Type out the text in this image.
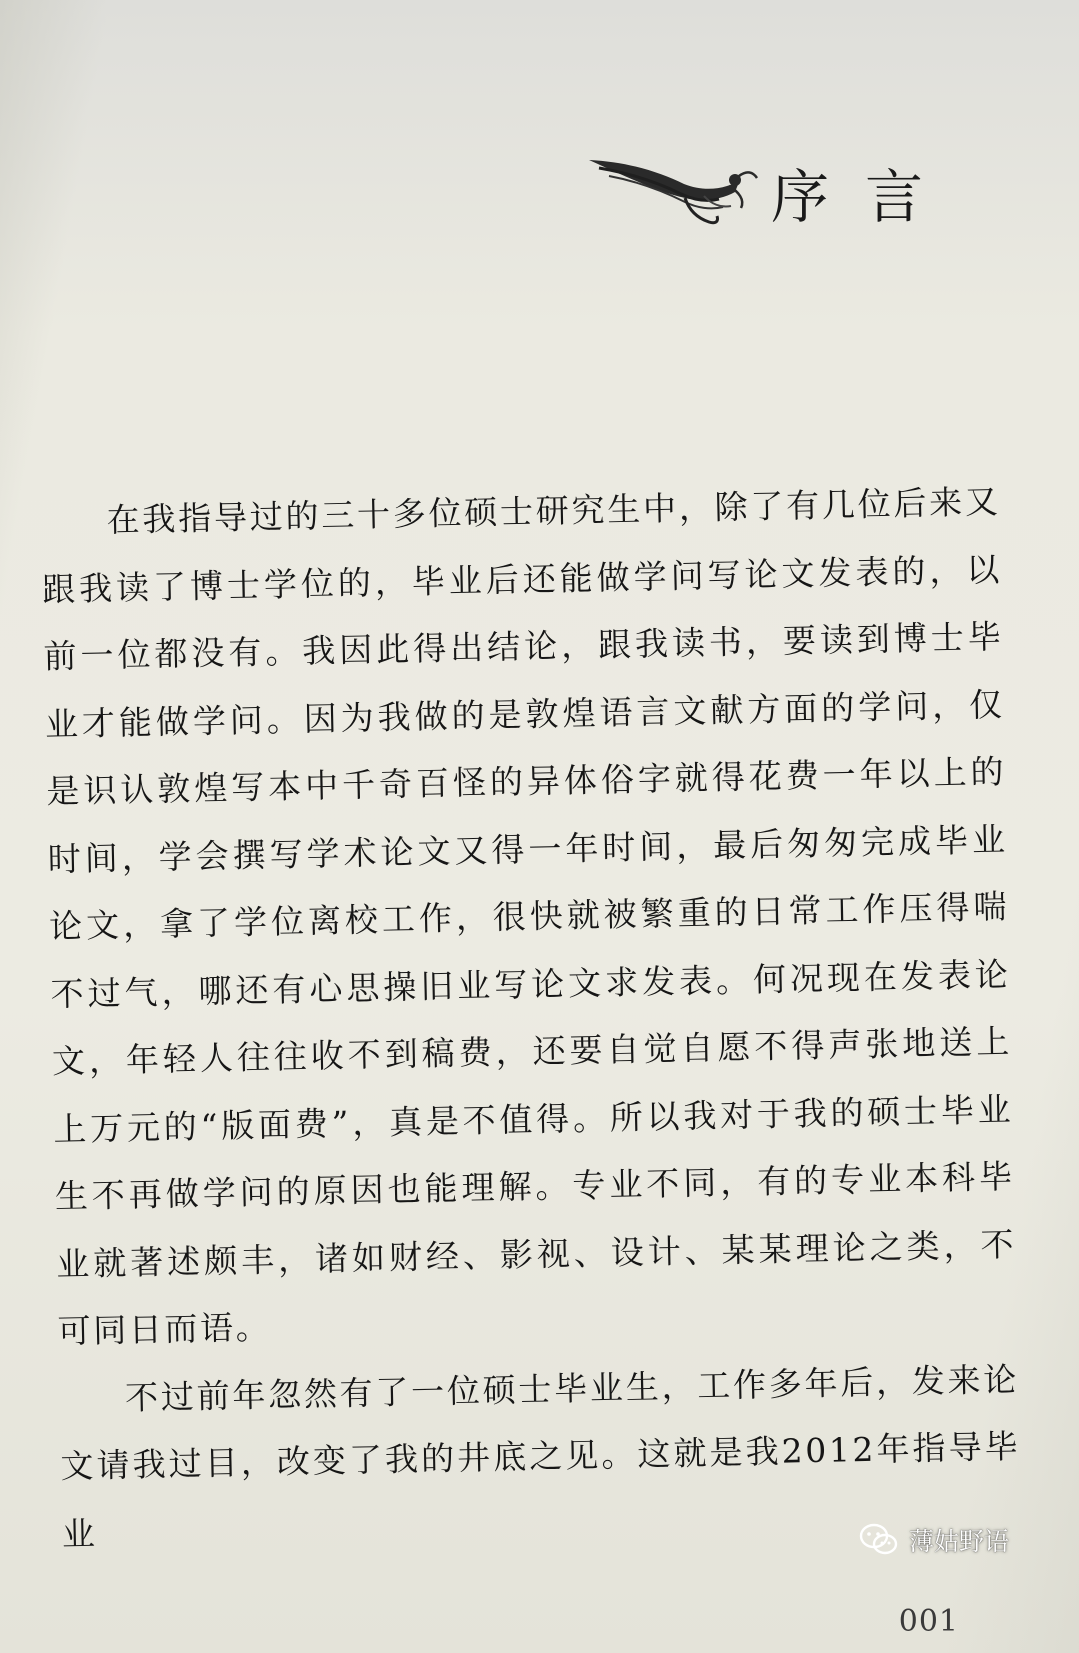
序言

在我指导过的三十多位硕士研究生中，除了有几位后来又跟我读了博士学位的，毕业后还能做学问写论文发表的，以前一位都没有。我因此得出结论，跟我读书，要读到博士毕业才能做学问。因为我做的是敦煌语言文献方面的学问，仅是识认敦煌写本中千奇百怪的异体俗字就得花费一年以上的时间，学会撰写学术论文又得一年时间，最后匆匆完成毕业论文，拿了学位离校工作，很快就被繁重的日常工作压得喘不过气，哪还有心思操旧业写论文求发表。何况现在发表论文，年轻人往往收不到稿费，还要自觉自愿不得声张地送上上万元的“版面费”，真是不值得。所以我对于我的硕士毕业生不再做学问的原因也能理解。专业不同，有的专业本科毕业就著述颇丰，诸如财经、影视、设计、某某理论之类，不可同日而语。

不过前年忽然有了一位硕士毕业生，工作多年后，发来论文请我过目，改变了我的井底之见。这就是我2012年指导毕业	薄姑野语
001
